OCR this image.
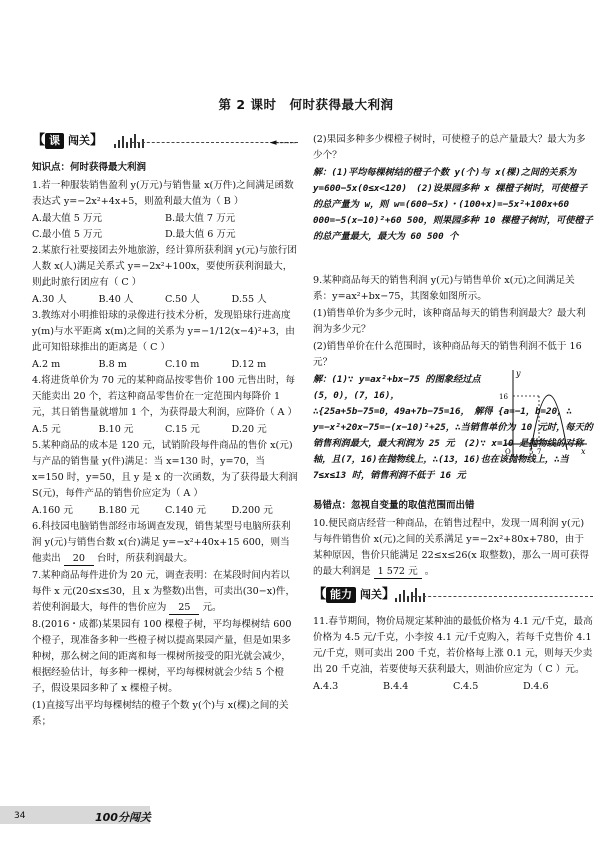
第 2 课时　何时获得最大利润
【 课 闯关 】	◄------

知识点：何时获得最大利润

1.若一种服装销售盈利 y(万元)与销售量 x(万件)之间满足函数表达式 y=−2x²+4x+5，则盈利最大值为（ B ）

A.最大值 5 万元	B.最大值 7 万元
C.最小值 5 万元	D.最大值 6 万元

2.某旅行社要接团去外地旅游，经计算所获利润 y(元)与旅行团人数 x(人)满足关系式 y=−2x²+100x，要使所获利润最大，则此时旅行团应有（ C ）

A.30 人	B.40 人	C.50 人	D.55 人

3.教练对小明推铅球的录像进行技术分析，发现铅球行进高度 y(m)与水平距离 x(m)之间的关系为 y=−1/12(x−4)²+3，由此可知铅球推出的距离是（ C ）

A.2 m	B.8 m	C.10 m	D.12 m

4.将进货单价为 70 元的某种商品按零售价 100 元售出时，每天能卖出 20 个，若这种商品零售价在一定范围内每降价 1 元，其日销售量就增加 1 个，为获得最大利润，应降价（ A ）

A.5 元	B.10 元	C.15 元	D.20 元

5.某种商品的成本是 120 元，试销阶段每件商品的售价 x(元)与产品的销售量 y(件)满足：当 x=130 时，y=70，当 x=150 时，y=50，且 y 是 x 的一次函数，为了获得最大利润 S(元)，每件产品的销售价应定为（ A ）

A.160 元	B.180 元	C.140 元	D.200 元

6.科技园电脑销售部经市场调查发现，销售某型号电脑所获利润 y(元)与销售台数 x(台)满足 y=−x²+40x+15 600，则当他卖出 20 台时，所获利润最大。

7.某种商品每件进价为 20 元，调查表明：在某段时间内若以每件 x 元(20≤x≤30，且 x 为整数)出售，可卖出(30−x)件，若使利润最大，每件的售价应为 25 元。

8.(2016・成都)某果园有 100 棵橙子树，平均每棵树结 600 个橙子，现准备多种一些橙子树以提高果园产量，但是如果多种树，那么树之间的距离和每一棵树所接受的阳光就会减少，根据经验估计，每多种一棵树，平均每棵树就会少结 5 个橙子，假设果园多种了 x 棵橙子树。

(1)直接写出平均每棵树结的橙子个数 y(个)与 x(棵)之间的关系；

(2)果园多种多少棵橙子树时，可使橙子的总产量最大？最大为多少个？

解：(1)平均每棵树结的橙子个数 y(个)与 x(棵)之间的关系为 y=600−5x(0≤x<120)　(2)设果园多种 x 棵橙子树时，可使橙子的总产量为 w，则 w=(600−5x)・(100+x)=−5x²+100x+60 000=−5(x−10)²+60 500，则果园多种 10 棵橙子树时，可使橙子的总产量最大，最大为 60 500 个

9.某种商品每天的销售利润 y(元)与销售单价 x(元)之间满足关系：y=ax²+bx−75，其图象如图所示。

(1)销售单价为多少元时，该种商品每天的销售利润最大？最大利润为多少元？

(2)销售单价在什么范围时，该种商品每天的销售利润不低于 16 元？

解：(1)∵ y=ax²+bx−75 的图象经过点(5，0)，(7，16)，

∴{25a+5b−75=0，49a+7b−75=16，　解得 {a=−1，b=20，∴ y=−x²+20x−75=−(x−10)²+25，∴当销售单价为 10 元时，每天的销售利润最大，最大利润为 25 元　(2)∵ x=10 是抛物线的对称轴，且(7，16)在抛物线上，∴(13，16)也在该抛物线上，∴当 7≤x≤13 时，销售利润不低于 16 元

y
x
O
16
5 7

易错点：忽视自变量的取值范围而出错

10.便民商店经营一种商品，在销售过程中，发现一周利润 y(元)与每件销售价 x(元)之间的关系满足 y=−2x²+80x+780，由于某种原因，售价只能满足 22≤x≤26(x 取整数)，那么一周可获得的最大利润是 1 572 元 。

【 能力 闯关 】

11.春节期间，物价局规定某种油的最低价格为 4.1 元/千克，最高价格为 4.5 元/千克，小李按 4.1 元/千克购入，若每千克售价 4.1 元/千克，则可卖出 200 千克，若价格每上涨 0.1 元，则每天少卖出 20 千克油，若要使每天获利最大，则油价应定为（ C ）元。

A.4.3	B.4.4	C.4.5	D.4.6
34	100分闯关
